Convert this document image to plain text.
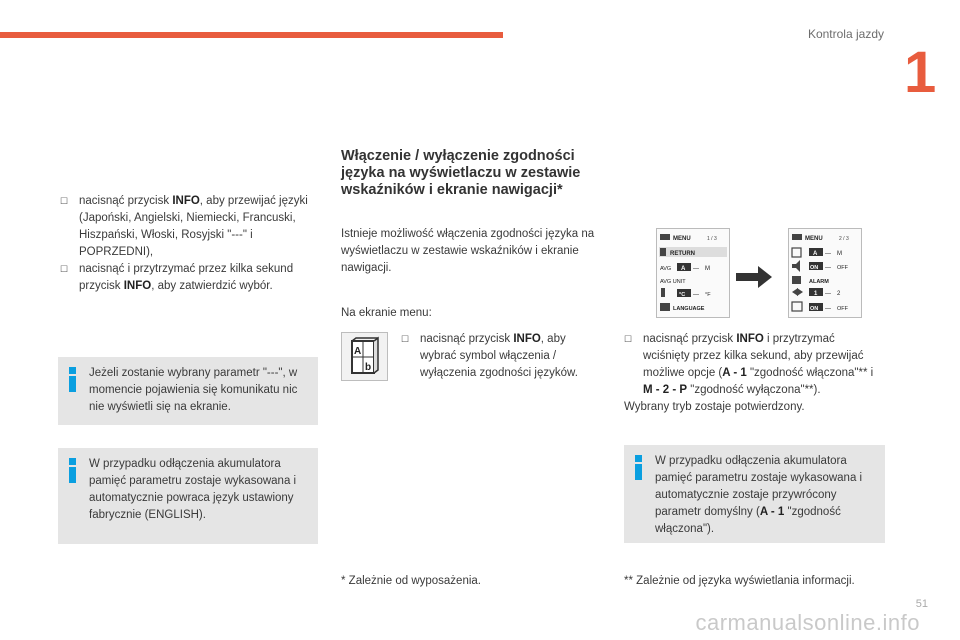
Kontrola jazdy
1

☐ nacisnąć przycisk INFO, aby przewijać języki (Japoński, Angielski, Niemiecki, Francuski, Hiszpański, Włoski, Rosyjski "---" i POPRZEDNI),

☐ nacisnąć i przytrzymać przez kilka sekund przycisk INFO, aby zatwierdzić wybór.

Jeżeli zostanie wybrany parametr "---", w momencie pojawienia się komunikatu nic nie wyświetli się na ekranie.

W przypadku odłączenia akumulatora pamięć parametru zostaje wykasowana i automatycznie powraca język ustawiony fabrycznie (ENGLISH).

Włączenie / wyłączenie zgodności języka na wyświetlaczu w zestawie wskaźników i ekranie nawigacji*

Istnieje możliwość włączenia zgodności języka na wyświetlaczu w zestawie wskaźników i ekranie nawigacji.

Na ekranie menu:

A
b

☐ nacisnąć przycisk INFO, aby wybrać symbol włączenia / wyłączenia zgodności języków.

* Zależnie od wyposażenia.

MENU	1 / 3
RETURN
AVG A — M
AVG UNIT
°C — °F
LANGUAGE
MENU	2 / 3
A — M
ON — OFF
ALARM
1 — 2
ON — OFF

☐ nacisnąć przycisk INFO i przytrzymać wciśnięty przez kilka sekund, aby przewijać możliwe opcje (A - 1 "zgodność włączona"** i M - 2 - P "zgodność wyłączona"**).

Wybrany tryb zostaje potwierdzony.

W przypadku odłączenia akumulatora pamięć parametru zostaje wykasowana i automatycznie zostaje przywrócony parametr domyślny (A - 1 "zgodność włączona").

** Zależnie od języka wyświetlania informacji.

51
carmanualsonline.info
